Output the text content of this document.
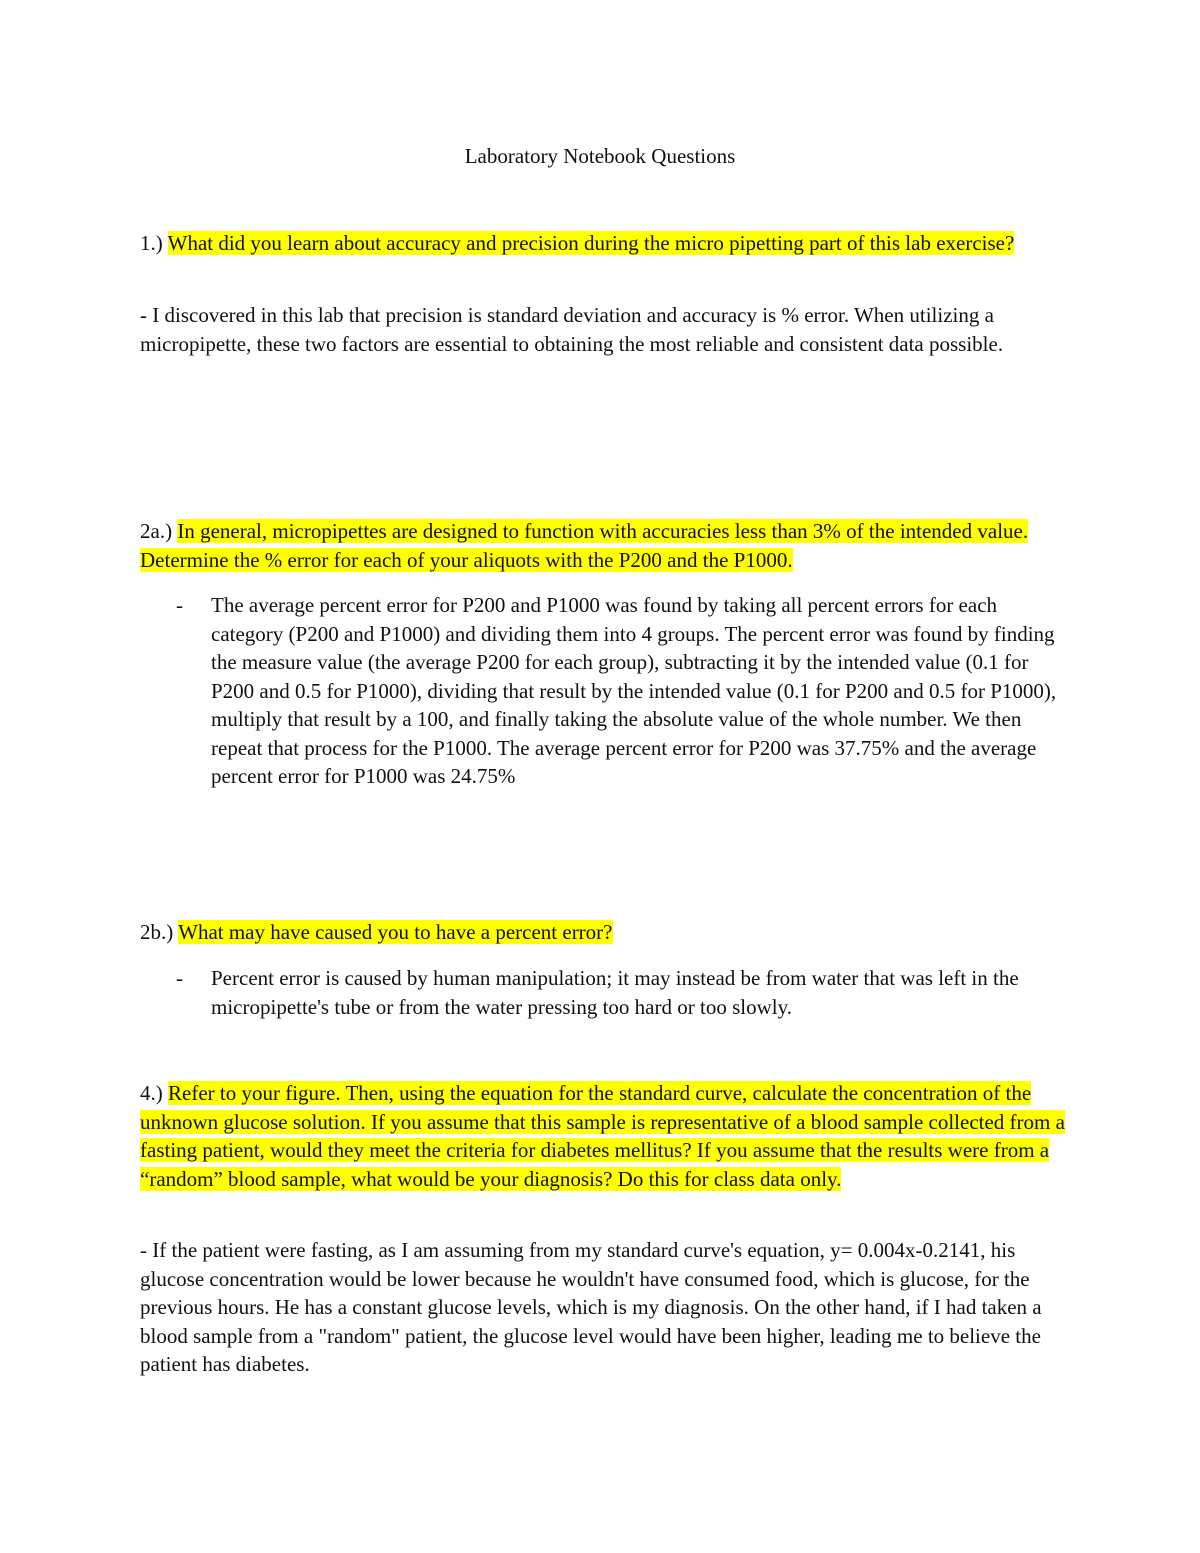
Laboratory Notebook Questions

1.) What did you learn about accuracy and precision during the micro pipetting part of this lab exercise?

- I discovered in this lab that precision is standard deviation and accuracy is % error. When utilizing a micropipette, these two factors are essential to obtaining the most reliable and consistent data possible.

2a.) In general, micropipettes are designed to function with accuracies less than 3% of the intended value. Determine the % error for each of your aliquots with the P200 and the P1000.

- The average percent error for P200 and P1000 was found by taking all percent errors for each category (P200 and P1000) and dividing them into 4 groups. The percent error was found by finding the measure value (the average P200 for each group), subtracting it by the intended value (0.1 for P200 and 0.5 for P1000), dividing that result by the intended value (0.1 for P200 and 0.5 for P1000), multiply that result by a 100, and finally taking the absolute value of the whole number. We then repeat that process for the P1000. The average percent error for P200 was 37.75% and the average percent error for P1000 was 24.75%

2b.) What may have caused you to have a percent error?

- Percent error is caused by human manipulation; it may instead be from water that was left in the micropipette's tube or from the water pressing too hard or too slowly.

4.) Refer to your figure. Then, using the equation for the standard curve, calculate the concentration of the unknown glucose solution. If you assume that this sample is representative of a blood sample collected from a fasting patient, would they meet the criteria for diabetes mellitus? If you assume that the results were from a “random” blood sample, what would be your diagnosis? Do this for class data only.

- If the patient were fasting, as I am assuming from my standard curve's equation, y= 0.004x-0.2141, his glucose concentration would be lower because he wouldn't have consumed food, which is glucose, for the previous hours. He has a constant glucose levels, which is my diagnosis. On the other hand, if I had taken a blood sample from a "random" patient, the glucose level would have been higher, leading me to believe the patient has diabetes.
